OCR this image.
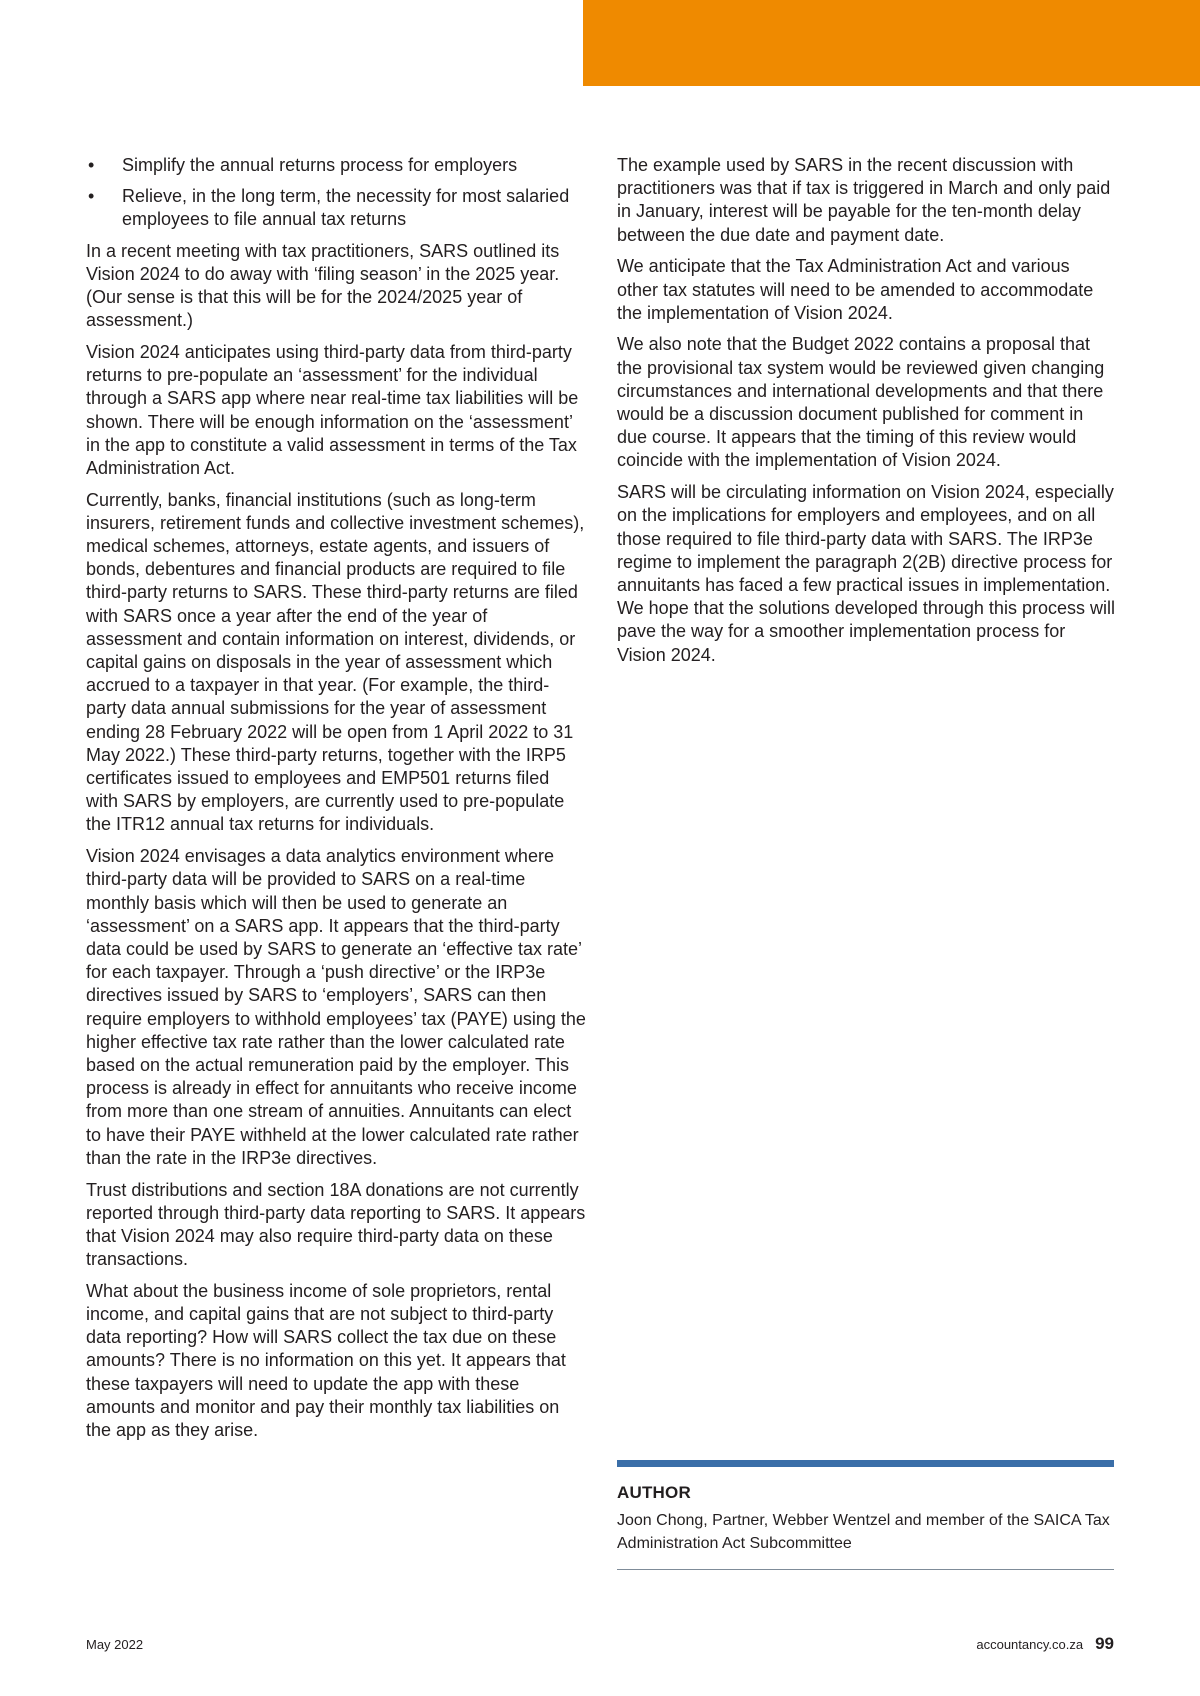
• Simplify the annual returns process for employers
• Relieve, in the long term, the necessity for most salaried employees to file annual tax returns

In a recent meeting with tax practitioners, SARS outlined its Vision 2024 to do away with ‘filing season’ in the 2025 year. (Our sense is that this will be for the 2024/2025 year of assessment.)

Vision 2024 anticipates using third-party data from third-party returns to pre-populate an ‘assessment’ for the individual through a SARS app where near real-time tax liabilities will be shown. There will be enough information on the ‘assessment’ in the app to constitute a valid assessment in terms of the Tax Administration Act.

Currently, banks, financial institutions (such as long-term insurers, retirement funds and collective investment schemes), medical schemes, attorneys, estate agents, and issuers of bonds, debentures and financial products are required to file third-party returns to SARS. These third-party returns are filed with SARS once a year after the end of the year of assessment and contain information on interest, dividends, or capital gains on disposals in the year of assessment which accrued to a taxpayer in that year. (For example, the third-party data annual submissions for the year of assessment ending 28 February 2022 will be open from 1 April 2022 to 31 May 2022.) These third-party returns, together with the IRP5 certificates issued to employees and EMP501 returns filed with SARS by employers, are currently used to pre-populate the ITR12 annual tax returns for individuals.

Vision 2024 envisages a data analytics environment where third-party data will be provided to SARS on a real-time monthly basis which will then be used to generate an ‘assessment’ on a SARS app. It appears that the third-party data could be used by SARS to generate an ‘effective tax rate’ for each taxpayer. Through a ‘push directive’ or the IRP3e directives issued by SARS to ‘employers’, SARS can then require employers to withhold employees’ tax (PAYE) using the higher effective tax rate rather than the lower calculated rate based on the actual remuneration paid by the employer. This process is already in effect for annuitants who receive income from more than one stream of annuities. Annuitants can elect to have their PAYE withheld at the lower calculated rate rather than the rate in the IRP3e directives.

Trust distributions and section 18A donations are not currently reported through third-party data reporting to SARS. It appears that Vision 2024 may also require third-party data on these transactions.

What about the business income of sole proprietors, rental income, and capital gains that are not subject to third-party data reporting? How will SARS collect the tax due on these amounts? There is no information on this yet. It appears that these taxpayers will need to update the app with these amounts and monitor and pay their monthly tax liabilities on the app as they arise.

The example used by SARS in the recent discussion with practitioners was that if tax is triggered in March and only paid in January, interest will be payable for the ten-month delay between the due date and payment date.

We anticipate that the Tax Administration Act and various other tax statutes will need to be amended to accommodate the implementation of Vision 2024.

We also note that the Budget 2022 contains a proposal that the provisional tax system would be reviewed given changing circumstances and international developments and that there would be a discussion document published for comment in due course. It appears that the timing of this review would coincide with the implementation of Vision 2024.

SARS will be circulating information on Vision 2024, especially on the implications for employers and employees, and on all those required to file third-party data with SARS. The IRP3e regime to implement the paragraph 2(2B) directive process for annuitants has faced a few practical issues in implementation. We hope that the solutions developed through this process will pave the way for a smoother implementation process for Vision 2024.

AUTHOR
Joon Chong, Partner, Webber Wentzel and member of the SAICA Tax Administration Act Subcommittee
May 2022	accountancy.co.za 99
